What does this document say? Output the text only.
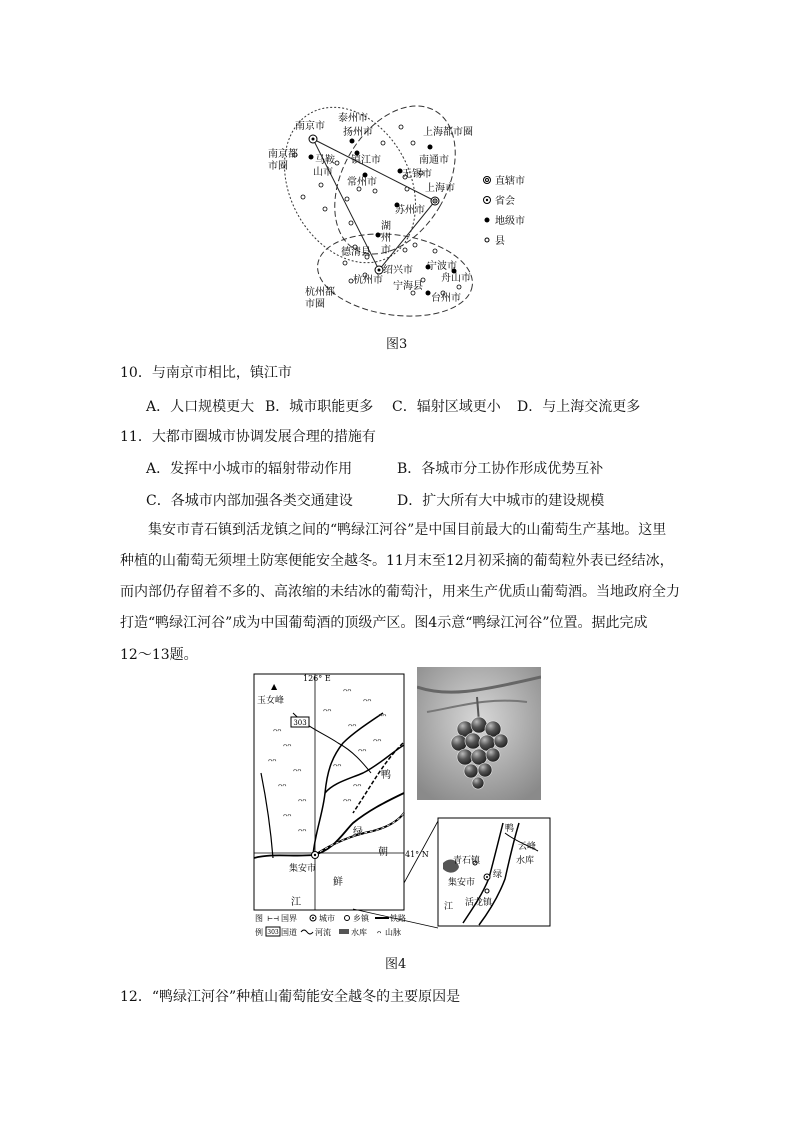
南京市
泰州市
扬州市
镇江市
南京都
市圈
马鞍
山市
常州市
无锡市
苏州市
南通市
上海都市圈
上海市
湖
州
市
德清县
绍兴市 宁波市
杭州市
宁海县
舟山市
台州市
杭州都
市圈
直辖市
省会
地级市
县
图3
10．与南京市相比，镇江市
A．人口规模更大 B．城市职能更多 C．辐射区域更小 D．与上海交流更多
11．大都市圈城市协调发展合理的措施有
A．发挥中小城市的辐射带动作用	B．各城市分工协作形成优势互补
C．各城市内部加强各类交通建设	D．扩大所有大中城市的建设规模
集安市青石镇到活龙镇之间的“鸭绿江河谷”是中国目前最大的山葡萄生产基地。这里
种植的山葡萄无须埋土防寒便能安全越冬。11月末至12月初采摘的葡萄粒外表已经结冰，
而内部仍存留着不多的、高浓缩的未结冰的葡萄汁，用来生产优质山葡萄酒。当地政府全力
打造“鸭绿江河谷”成为中国葡萄酒的顶级产区。图4示意“鸭绿江河谷”位置。据此完成
12～13题。
303
ᴖᴖ
ᴖᴖ
ᴖᴖ
ᴖᴖ
ᴖᴖ
ᴖᴖ
ᴖᴖ
ᴖᴖ
ᴖᴖ
ᴖᴖ
ᴖᴖ
ᴖᴖ
ᴖᴖ
ᴖᴖ
ᴖᴖ
ᴖᴖ
ᴖᴖ
ᴖᴖ
▲
玉女峰
126° E
41° N
集安市
鸭
绿
朝
鲜
江
鸭
云峰
水库
青石镇
集安市
绿
江 活龙镇
图
例
⊢⊣ 国界	城市 乡镇	铁路
303 国道 河流	水库 ᴖ 山脉
图4
12．“鸭绿江河谷”种植山葡萄能安全越冬的主要原因是
